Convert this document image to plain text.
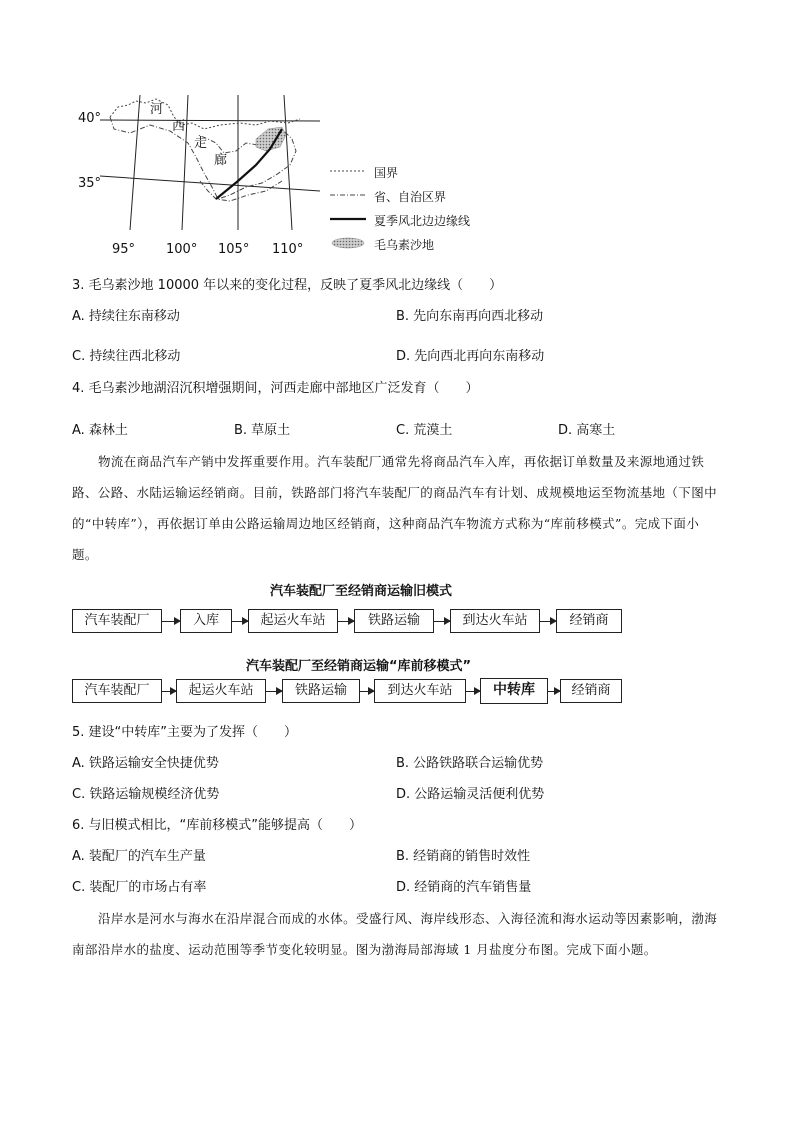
40°
35°
95° 100° 105° 110°
河
西
走
廊
国界
省、自治区界
夏季风北边边缘线
毛乌素沙地
3. 毛乌素沙地 10000 年以来的变化过程，反映了夏季风北边缘线（　　）
A. 持续往东南移动	B. 先向东南再向西北移动
C. 持续往西北移动	D. 先向西北再向东南移动
4. 毛乌素沙地湖沼沉积增强期间，河西走廊中部地区广泛发育（　　）
A. 森林土	B. 草原土	C. 荒漠土	D. 高寒土
物流在商品汽车产销中发挥重要作用。汽车装配厂通常先将商品汽车入库，再依据订单数量及来源地通过铁路、公路、水陆运输运经销商。目前，铁路部门将汽车装配厂的商品汽车有计划、成规模地运至物流基地（下图中的“中转库”），再依据订单由公路运输周边地区经销商，这种商品汽车物流方式称为“库前移模式”。完成下面小题。
汽车装配厂至经销商运输旧模式
汽车装配厂	入库	起运火车站	铁路运输	到达火车站	经销商
汽车装配厂至经销商运输“库前移模式”
汽车装配厂	起运火车站	铁路运输	到达火车站	中转库	经销商
5. 建设“中转库”主要为了发挥（　　）
A. 铁路运输安全快捷优势	B. 公路铁路联合运输优势
C. 铁路运输规模经济优势	D. 公路运输灵活便利优势
6. 与旧模式相比，“库前移模式”能够提高（　　）
A. 装配厂的汽车生产量	B. 经销商的销售时效性
C. 装配厂的市场占有率	D. 经销商的汽车销售量
沿岸水是河水与海水在沿岸混合而成的水体。受盛行风、海岸线形态、入海径流和海水运动等因素影响，渤海南部沿岸水的盐度、运动范围等季节变化较明显。图为渤海局部海域 1 月盐度分布图。完成下面小题。
